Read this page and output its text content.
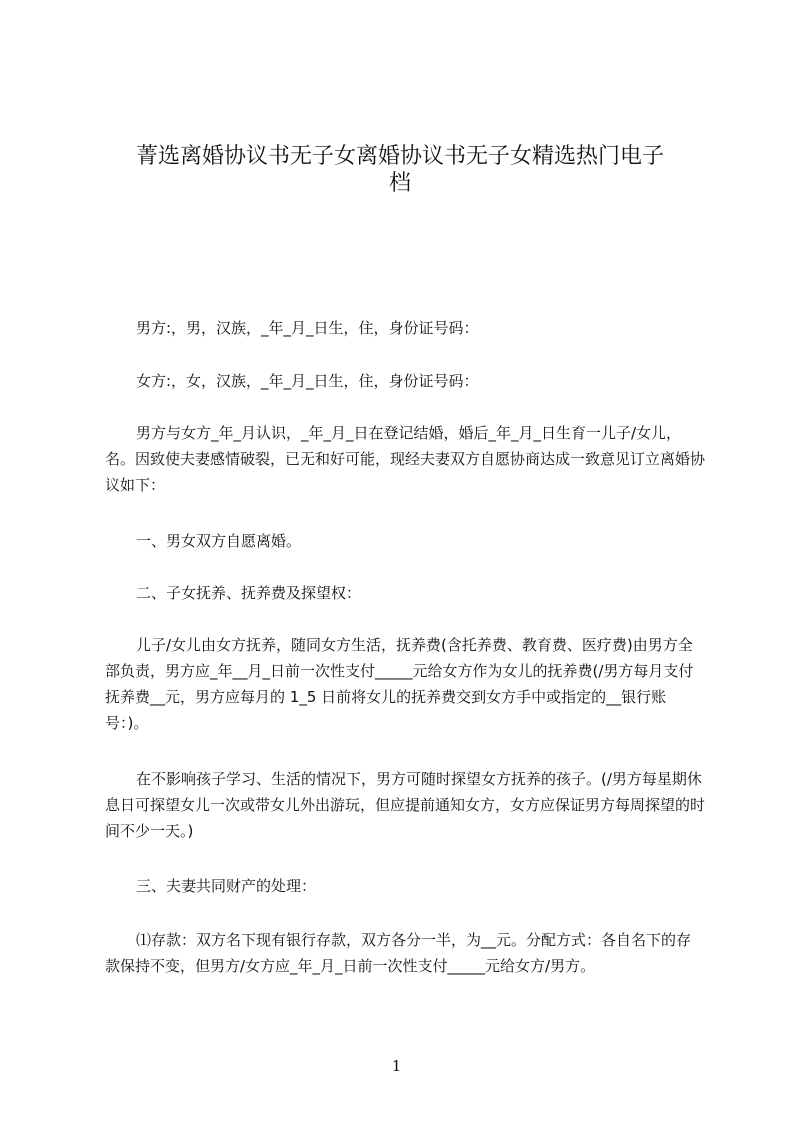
菁选离婚协议书无子女离婚协议书无子女精选热门电子
档

男方:，男，汉族，_年_月_日生，住，身份证号码：

女方:，女，汉族，_年_月_日生，住，身份证号码：

男方与女方_年_月认识，_年_月_日在登记结婚，婚后_年_月_日生育一儿子/女儿，名。因致使夫妻感情破裂，已无和好可能，现经夫妻双方自愿协商达成一致意见订立离婚协议如下：

一、男女双方自愿离婚。

二、子女抚养、抚养费及探望权：

儿子/女儿由女方抚养，随同女方生活，抚养费(含托养费、教育费、医疗费)由男方全部负责，男方应_年__月_日前一次性支付_____元给女方作为女儿的抚养费(/男方每月支付抚养费__元，男方应每月的 1_5 日前将女儿的抚养费交到女方手中或指定的__银行账号：)。

在不影响孩子学习、生活的情况下，男方可随时探望女方抚养的孩子。(/男方每星期休息日可探望女儿一次或带女儿外出游玩，但应提前通知女方，女方应保证男方每周探望的时间不少一天。)

三、夫妻共同财产的处理：

⑴存款：双方名下现有银行存款，双方各分一半，为__元。分配方式：各自名下的存款保持不变，但男方/女方应_年_月_日前一次性支付_____元给女方/男方。

1
